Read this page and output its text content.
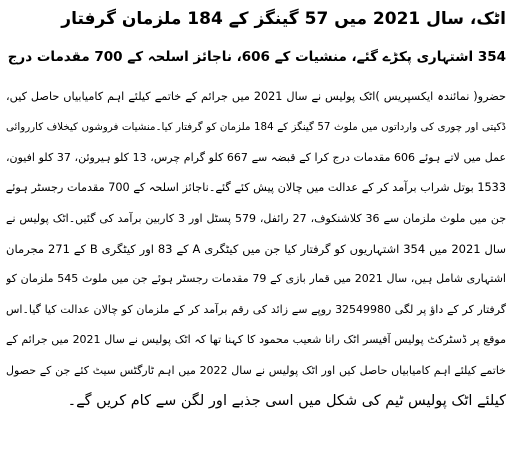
اٹک، سال 2021 میں 57 گینگز کے 184 ملزمان گرفتار
354 اشتہاری پکڑے گئے، منشیات کے 606، ناجائز اسلحہ کے 700 مقدمات درج
حضرو( نمائندہ ایکسپریس )اٹک پولیس نے سال 2021 میں جرائم کے خاتمے کیلئے اہم کامیابیاں حاصل کیں،
ڈکیتی اور چوری کی وارداتوں میں ملوث 57 گینگز کے 184 ملزمان کو گرفتار کیا۔منشیات فروشوں کیخلاف کارروائی
عمل میں لاتے ہوئے 606 مقدمات درج کرا کے قبضہ سے 667 کلو گرام چرس، 13 کلو ہیروئن، 37 کلو افیون،
1533 بوتل شراب برآمد کر کے عدالت میں چالان پیش کئے گئے۔ناجائز اسلحہ کے 700 مقدمات رجسٹر ہوئے
جن میں ملوث ملزمان سے 36 کلاشنکوف، 27 رائفل، 579 پسٹل اور 3 کاربین برآمد کی گئیں۔اٹک پولیس نے
سال 2021 میں 354 اشتہاریوں کو گرفتار کیا جن میں کیٹگری A کے 83 اور کیٹگری B کے 271 مجرمان
اشتہاری شامل ہیں، سال 2021 میں قمار بازی کے 79 مقدمات رجسٹر ہوئے جن میں ملوث 545 ملزمان کو
گرفتار کر کے داؤ پر لگی 32549980 روپے سے زائد کی رقم برآمد کر کے ملزمان کو چالان عدالت کیا گیا۔اس
موقع پر ڈسٹرکٹ پولیس آفیسر اٹک رانا شعیب محمود کا کہنا تھا کہ اٹک پولیس نے سال 2021 میں جرائم کے
خاتمے کیلئے اہم کامیابیاں حاصل کیں اور اٹک پولیس نے سال 2022 میں اہم ٹارگٹس سیٹ کئے جن کے حصول
کیلئے اٹک پولیس ٹیم کی شکل میں اسی جذبے اور لگن سے کام کریں گے۔
